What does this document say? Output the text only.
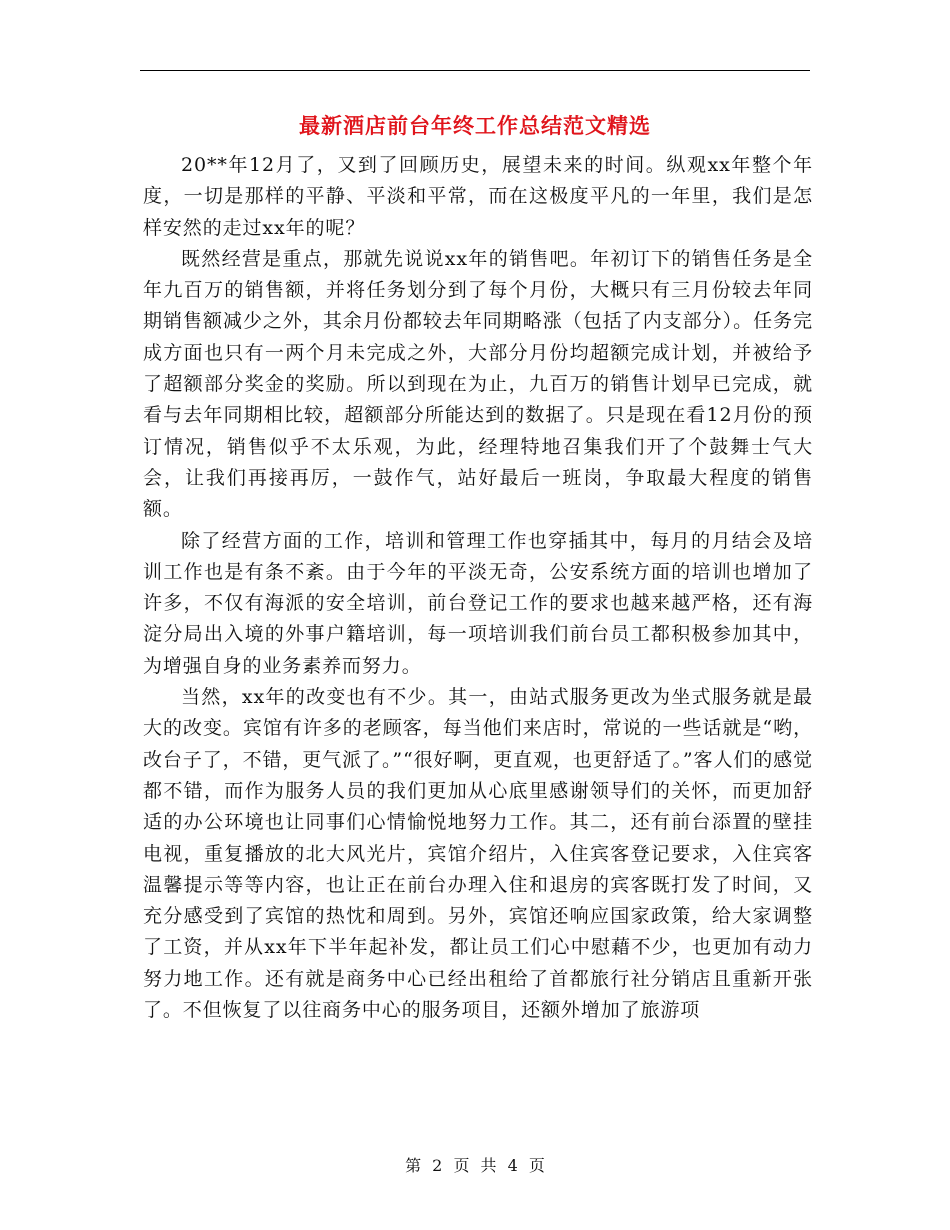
最新酒店前台年终工作总结范文精选

20**年12月了，又到了回顾历史，展望未来的时间。纵观xx年整个年度，一切是那样的平静、平淡和平常，而在这极度平凡的一年里，我们是怎样安然的走过xx年的呢？

既然经营是重点，那就先说说xx年的销售吧。年初订下的销售任务是全年九百万的销售额，并将任务划分到了每个月份，大概只有三月份较去年同期销售额减少之外，其余月份都较去年同期略涨（包括了内支部分）。任务完成方面也只有一两个月未完成之外，大部分月份均超额完成计划，并被给予了超额部分奖金的奖励。所以到现在为止，九百万的销售计划早已完成，就看与去年同期相比较，超额部分所能达到的数据了。只是现在看12月份的预订情况，销售似乎不太乐观，为此，经理特地召集我们开了个鼓舞士气大会，让我们再接再厉，一鼓作气，站好最后一班岗，争取最大程度的销售额。

除了经营方面的工作，培训和管理工作也穿插其中，每月的月结会及培训工作也是有条不紊。由于今年的平淡无奇，公安系统方面的培训也增加了许多，不仅有海派的安全培训，前台登记工作的要求也越来越严格，还有海淀分局出入境的外事户籍培训，每一项培训我们前台员工都积极参加其中，为增强自身的业务素养而努力。

当然，xx年的改变也有不少。其一，由站式服务更改为坐式服务就是最大的改变。宾馆有许多的老顾客，每当他们来店时，常说的一些话就是“哟，改台子了，不错，更气派了。”“很好啊，更直观，也更舒适了。”客人们的感觉都不错，而作为服务人员的我们更加从心底里感谢领导们的关怀，而更加舒适的办公环境也让同事们心情愉悦地努力工作。其二，还有前台添置的壁挂电视，重复播放的北大风光片，宾馆介绍片，入住宾客登记要求，入住宾客温馨提示等等内容，也让正在前台办理入住和退房的宾客既打发了时间，又充分感受到了宾馆的热忱和周到。另外，宾馆还响应国家政策，给大家调整了工资，并从xx年下半年起补发，都让员工们心中慰藉不少，也更加有动力努力地工作。还有就是商务中心已经出租给了首都旅行社分销店且重新开张了。不但恢复了以往商务中心的服务项目，还额外增加了旅游项

第 2 页 共 4 页
